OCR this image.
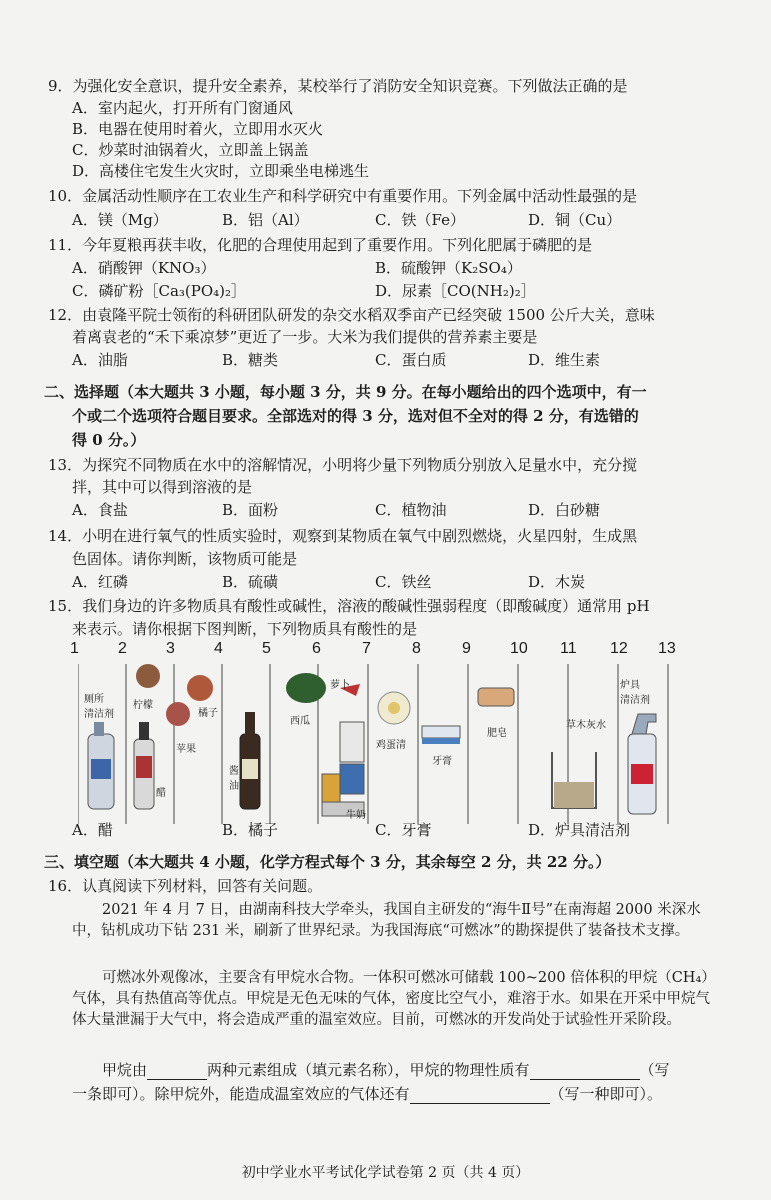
9．为强化安全意识，提升安全素养，某校举行了消防安全知识竞赛。下列做法正确的是
A．室内起火，打开所有门窗通风
B．电器在使用时着火，立即用水灭火
C．炒菜时油锅着火，立即盖上锅盖
D．高楼住宅发生火灾时，立即乘坐电梯逃生
10．金属活动性顺序在工农业生产和科学研究中有重要作用。下列金属中活动性最强的是
A．镁（Mg）	B．铝（Al）	C．铁（Fe）	D．铜（Cu）
11．今年夏粮再获丰收，化肥的合理使用起到了重要作用。下列化肥属于磷肥的是
A．硝酸钾（KNO₃）	B．硫酸钾（K₂SO₄）
C．磷矿粉［Ca₃(PO₄)₂］	D．尿素［CO(NH₂)₂］
12．由袁隆平院士领衔的科研团队研发的杂交水稻双季亩产已经突破 1500 公斤大关，意味
着离袁老的“禾下乘凉梦”更近了一步。大米为我们提供的营养素主要是
A．油脂	B．糖类	C．蛋白质	D．维生素
二、选择题（本大题共 3 小题，每小题 3 分，共 9 分。在每小题给出的四个选项中，有一
个或二个选项符合题目要求。全部选对的得 3 分，选对但不全对的得 2 分，有选错的
得 0 分。）
13．为探究不同物质在水中的溶解情况，小明将少量下列物质分别放入足量水中，充分搅
拌，其中可以得到溶液的是
A．食盐	B．面粉	C．植物油	D．白砂糖
14．小明在进行氧气的性质实验时，观察到某物质在氧气中剧烈燃烧，火星四射，生成黑
色固体。请你判断，该物质可能是
A．红磷	B．硫磺	C．铁丝	D．木炭
15．我们身边的许多物质具有酸性或碱性，溶液的酸碱性强弱程度（即酸碱度）通常用 pH
来表示。请你根据下图判断，下列物质具有酸性的是
1 2 3 4 5	6	7	8	9 10 11 12 13
厕所
清洁剂
柠檬
橘子
苹果
酱
油
西瓜
萝卜
牛奶
鸡蛋清
牙膏
肥皂
草木灰水
炉具
清洁剂
醋
A．醋	B．橘子	C．牙膏	D．炉具清洁剂
三、填空题（本大题共 4 小题，化学方程式每个 3 分，其余每空 2 分，共 22 分。）
16．认真阅读下列材料，回答有关问题。
2021 年 4 月 7 日，由湖南科技大学牵头，我国自主研发的“海牛Ⅱ号”在南海超 2000 米深水中，钻机成功下钻 231 米，刷新了世界纪录。为我国海底“可燃冰”的勘探提供了装备技术支撑。
可燃冰外观像冰，主要含有甲烷水合物。一体积可燃冰可储载 100~200 倍体积的甲烷（CH₄）气体，具有热值高等优点。甲烷是无色无味的气体，密度比空气小，难溶于水。如果在开采中甲烷气体大量泄漏于大气中，将会造成严重的温室效应。目前，可燃冰的开发尚处于试验性开采阶段。
甲烷由	两种元素组成（填元素名称），甲烷的物理性质有	（写
一条即可）。除甲烷外，能造成温室效应的气体还有	（写一种即可）。
初中学业水平考试化学试卷第 2 页（共 4 页）
